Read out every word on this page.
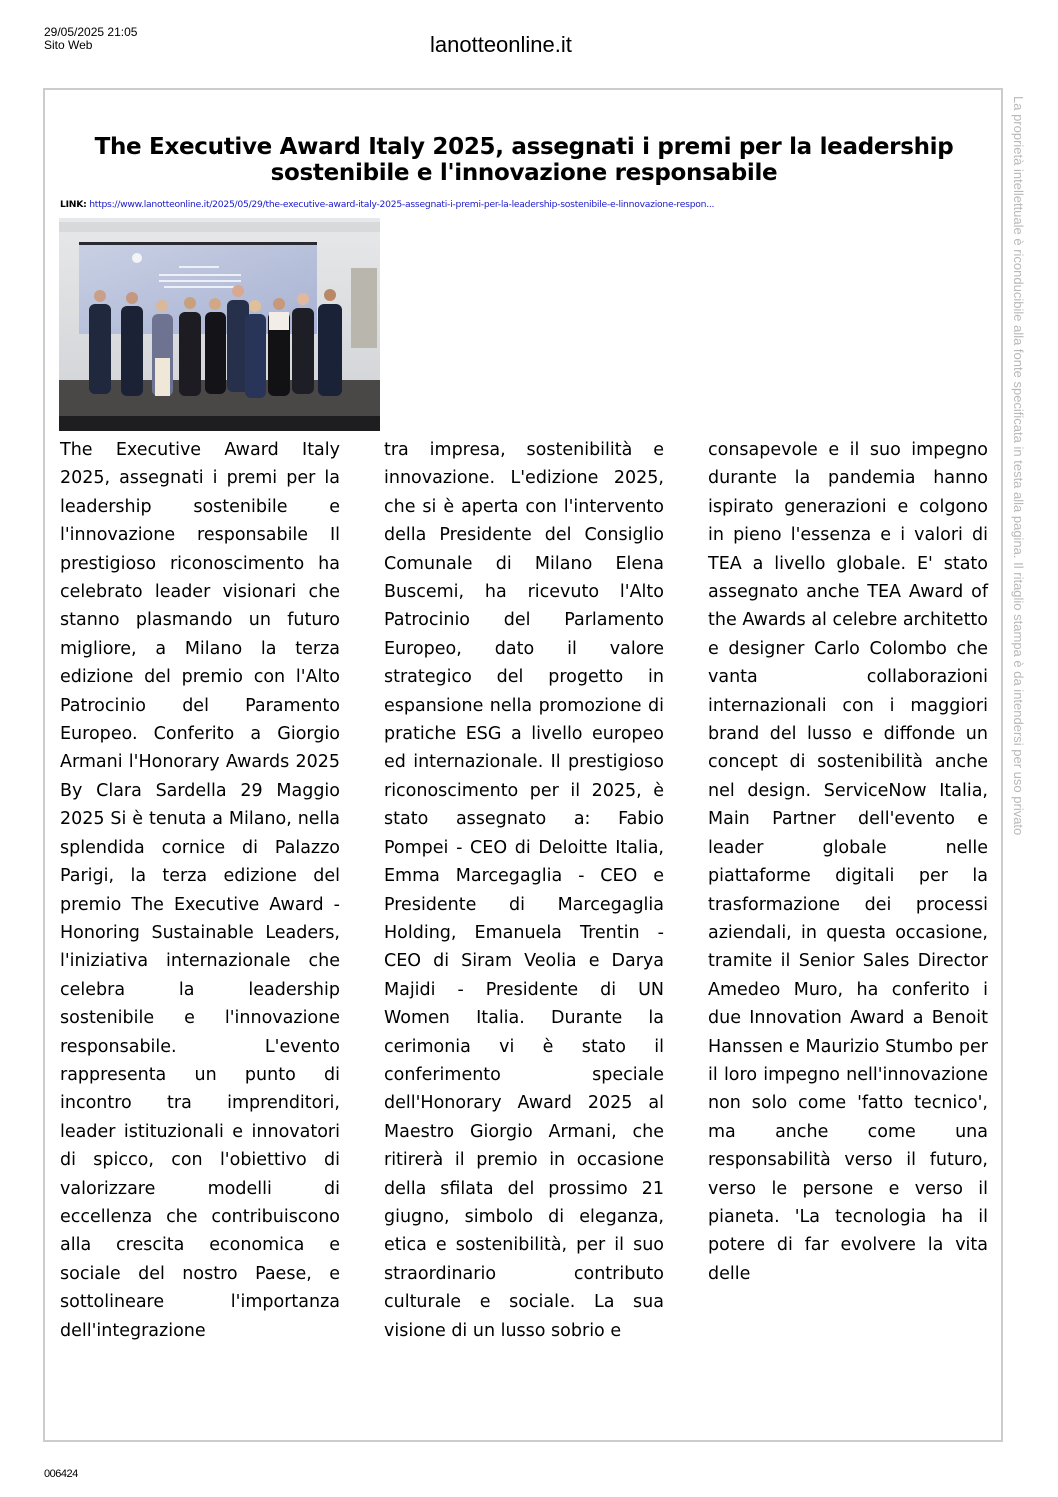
29/05/2025 21:05
Sito Web	lanotteonline.it
La proprietà intellettuale è riconducibile alla fonte specificata in testa alla pagina. Il ritaglio stampa è da intendersi per uso privato
The Executive Award Italy 2025, assegnati i premi per la leadership sostenibile e l'innovazione responsabile
LINK: https://www.lanotteonline.it/2025/05/29/the-executive-award-italy-2025-assegnati-i-premi-per-la-leadership-sostenibile-e-linnovazione-respon...

The Executive Award Italy 2025, assegnati i premi per la leadership sostenibile e l'innovazione responsabile Il prestigioso riconoscimento ha celebrato leader visionari che stanno plasmando un futuro migliore, a Milano la terza edizione del premio con l'Alto Patrocinio del Paramento Europeo. Conferito a Giorgio Armani l'Honorary Awards 2025 By Clara Sardella 29 Maggio 2025 Si è tenuta a Milano, nella splendida cornice di Palazzo Parigi, la terza edizione del premio The Executive Award - Honoring Sustainable Leaders, l'iniziativa internazionale che celebra la leadership sostenibile e l'innovazione responsabile. L'evento rappresenta un punto di incontro tra imprenditori, leader istituzionali e innovatori di spicco, con l'obiettivo di valorizzare modelli di eccellenza che contribuiscono alla crescita economica e sociale del nostro Paese, e sottolineare l'importanza dell'integrazione

tra impresa, sostenibilità e innovazione. L'edizione 2025, che si è aperta con l'intervento della Presidente del Consiglio Comunale di Milano Elena Buscemi, ha ricevuto l'Alto Patrocinio del Parlamento Europeo, dato il valore strategico del progetto in espansione nella promozione di pratiche ESG a livello europeo ed internazionale. Il prestigioso riconoscimento per il 2025, è stato assegnato a: Fabio Pompei - CEO di Deloitte Italia, Emma Marcegaglia - CEO e Presidente di Marcegaglia Holding, Emanuela Trentin - CEO di Siram Veolia e Darya Majidi - Presidente di UN Women Italia. Durante la cerimonia vi è stato il conferimento speciale dell'Honorary Award 2025 al Maestro Giorgio Armani, che ritirerà il premio in occasione della sfilata del prossimo 21 giugno, simbolo di eleganza, etica e sostenibilità, per il suo straordinario contributo culturale e sociale. La sua visione di un lusso sobrio e

consapevole e il suo impegno durante la pandemia hanno ispirato generazioni e colgono in pieno l'essenza e i valori di TEA a livello globale. E' stato assegnato anche TEA Award of the Awards al celebre architetto e designer Carlo Colombo che vanta collaborazioni internazionali con i maggiori brand del lusso e diffonde un concept di sostenibilità anche nel design. ServiceNow Italia, Main Partner dell'evento e leader globale nelle piattaforme digitali per la trasformazione dei processi aziendali, in questa occasione, tramite il Senior Sales Director Amedeo Muro, ha conferito i due Innovation Award a Benoit Hanssen e Maurizio Stumbo per il loro impegno nell'innovazione non solo come 'fatto tecnico', ma anche come una responsabilità verso il futuro, verso le persone e verso il pianeta. 'La tecnologia ha il potere di far evolvere la vita delle

006424
